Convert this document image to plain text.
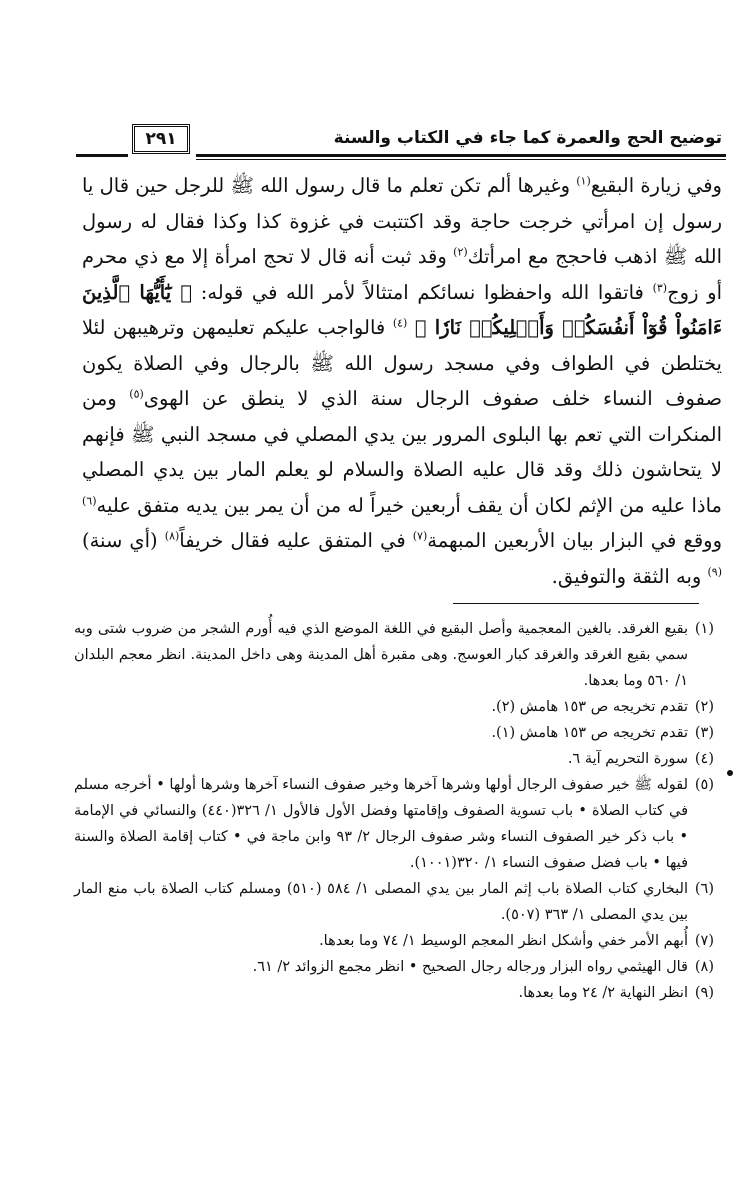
توضيح الحج والعمرة كما جاء في الكتاب والسنة
٢٩١

وفي زيارة البقيع$^{(١)}$ وغيرها ألم تكن تعلم ما قال رسول الله ﷺ للرجل حين قال يا رسول إن امرأتي خرجت حاجة وقد اكتتبت في غزوة كذا وكذا فقال له رسول الله ﷺ اذهب فاحجج مع امرأتك$^{(٢)}$ وقد ثبت أنه قال لا تحج امرأة إلا مع ذي محرم أو زوج$^{(٣)}$ فاتقوا الله واحفظوا نسائكم امتثالاً لأمر الله في قوله: ﴿ يَٰٓأَيُّهَا ٱلَّذِينَ ءَامَنُواْ قُوٓاْ أَنفُسَكُمۡ وَأَهۡلِيكُمۡ نَارٗا ﴾ $^{(٤)}$ فالواجب عليكم تعليمهن وترهيبهن لئلا يختلطن في الطواف وفي مسجد رسول الله ﷺ بالرجال وفي الصلاة يكون صفوف النساء خلف صفوف الرجال سنة الذي لا ينطق عن الهوى$^{(٥)}$ ومن المنكرات التي تعم بها البلوى المرور بين يدي المصلي في مسجد النبي ﷺ فإنهم لا يتحاشون ذلك وقد قال عليه الصلاة والسلام لو يعلم المار بين يدي المصلي ماذا عليه من الإثم لكان أن يقف أربعين خيراً له من أن يمر بين يديه متفق عليه$^{(٦)}$ ووقع في البزار بيان الأربعين المبهمة$^{(٧)}$ في المتفق عليه فقال خريفاً$^{(٨)}$ (أي سنة)$^{(٩)}$ وبه الثقة والتوفيق.

(١)
بقيع الغرقد. بالغين المعجمية وأصل البقيع في اللغة الموضع الذي فيه أُورم الشجر من ضروب شتى وبه سمي بقيع الغرقد والغرقد كبار العوسج. وهى مقبرة أهل المدينة وهى داخل المدينة. انظر معجم البلدان ١/ ٥٦٠ وما بعدها.

(٢)
تقدم تخريجه ص ١٥٣ هامش (٢).

(٣)
تقدم تخريجه ص ١٥٣ هامش (١).

(٤)
سورة التحريم آية ٦.

(٥)
لقوله ﷺ خير صفوف الرجال أولها وشرها آخرها وخير صفوف النساء آخرها وشرها أولها • أخرجه مسلم في كتاب الصلاة • باب تسوية الصفوف وإقامتها وفضل الأول فالأول ١/ ٣٢٦(٤٤٠) والنسائي في الإمامة • باب ذكر خير الصفوف النساء وشر صفوف الرجال ٢/ ٩٣ وابن ماجة في • كتاب إقامة الصلاة والسنة فيها • باب فضل صفوف النساء ١/ ٣٢٠(١٠٠١).

(٦)
البخاري كتاب الصلاة باب إثم المار بين يدي المصلى ١/ ٥٨٤ (٥١٠) ومسلم كتاب الصلاة باب منع المار بين يدي المصلى ١/ ٣٦٣ (٥٠٧).

(٧)
أُبهم الأمر خفي وأشكل انظر المعجم الوسيط ١/ ٧٤ وما بعدها.

(٨)
قال الهيثمي رواه البزار ورجاله رجال الصحيح • انظر مجمع الزوائد ٢/ ٦١.

(٩)
انظر النهاية ٢/ ٢٤ وما بعدها.
